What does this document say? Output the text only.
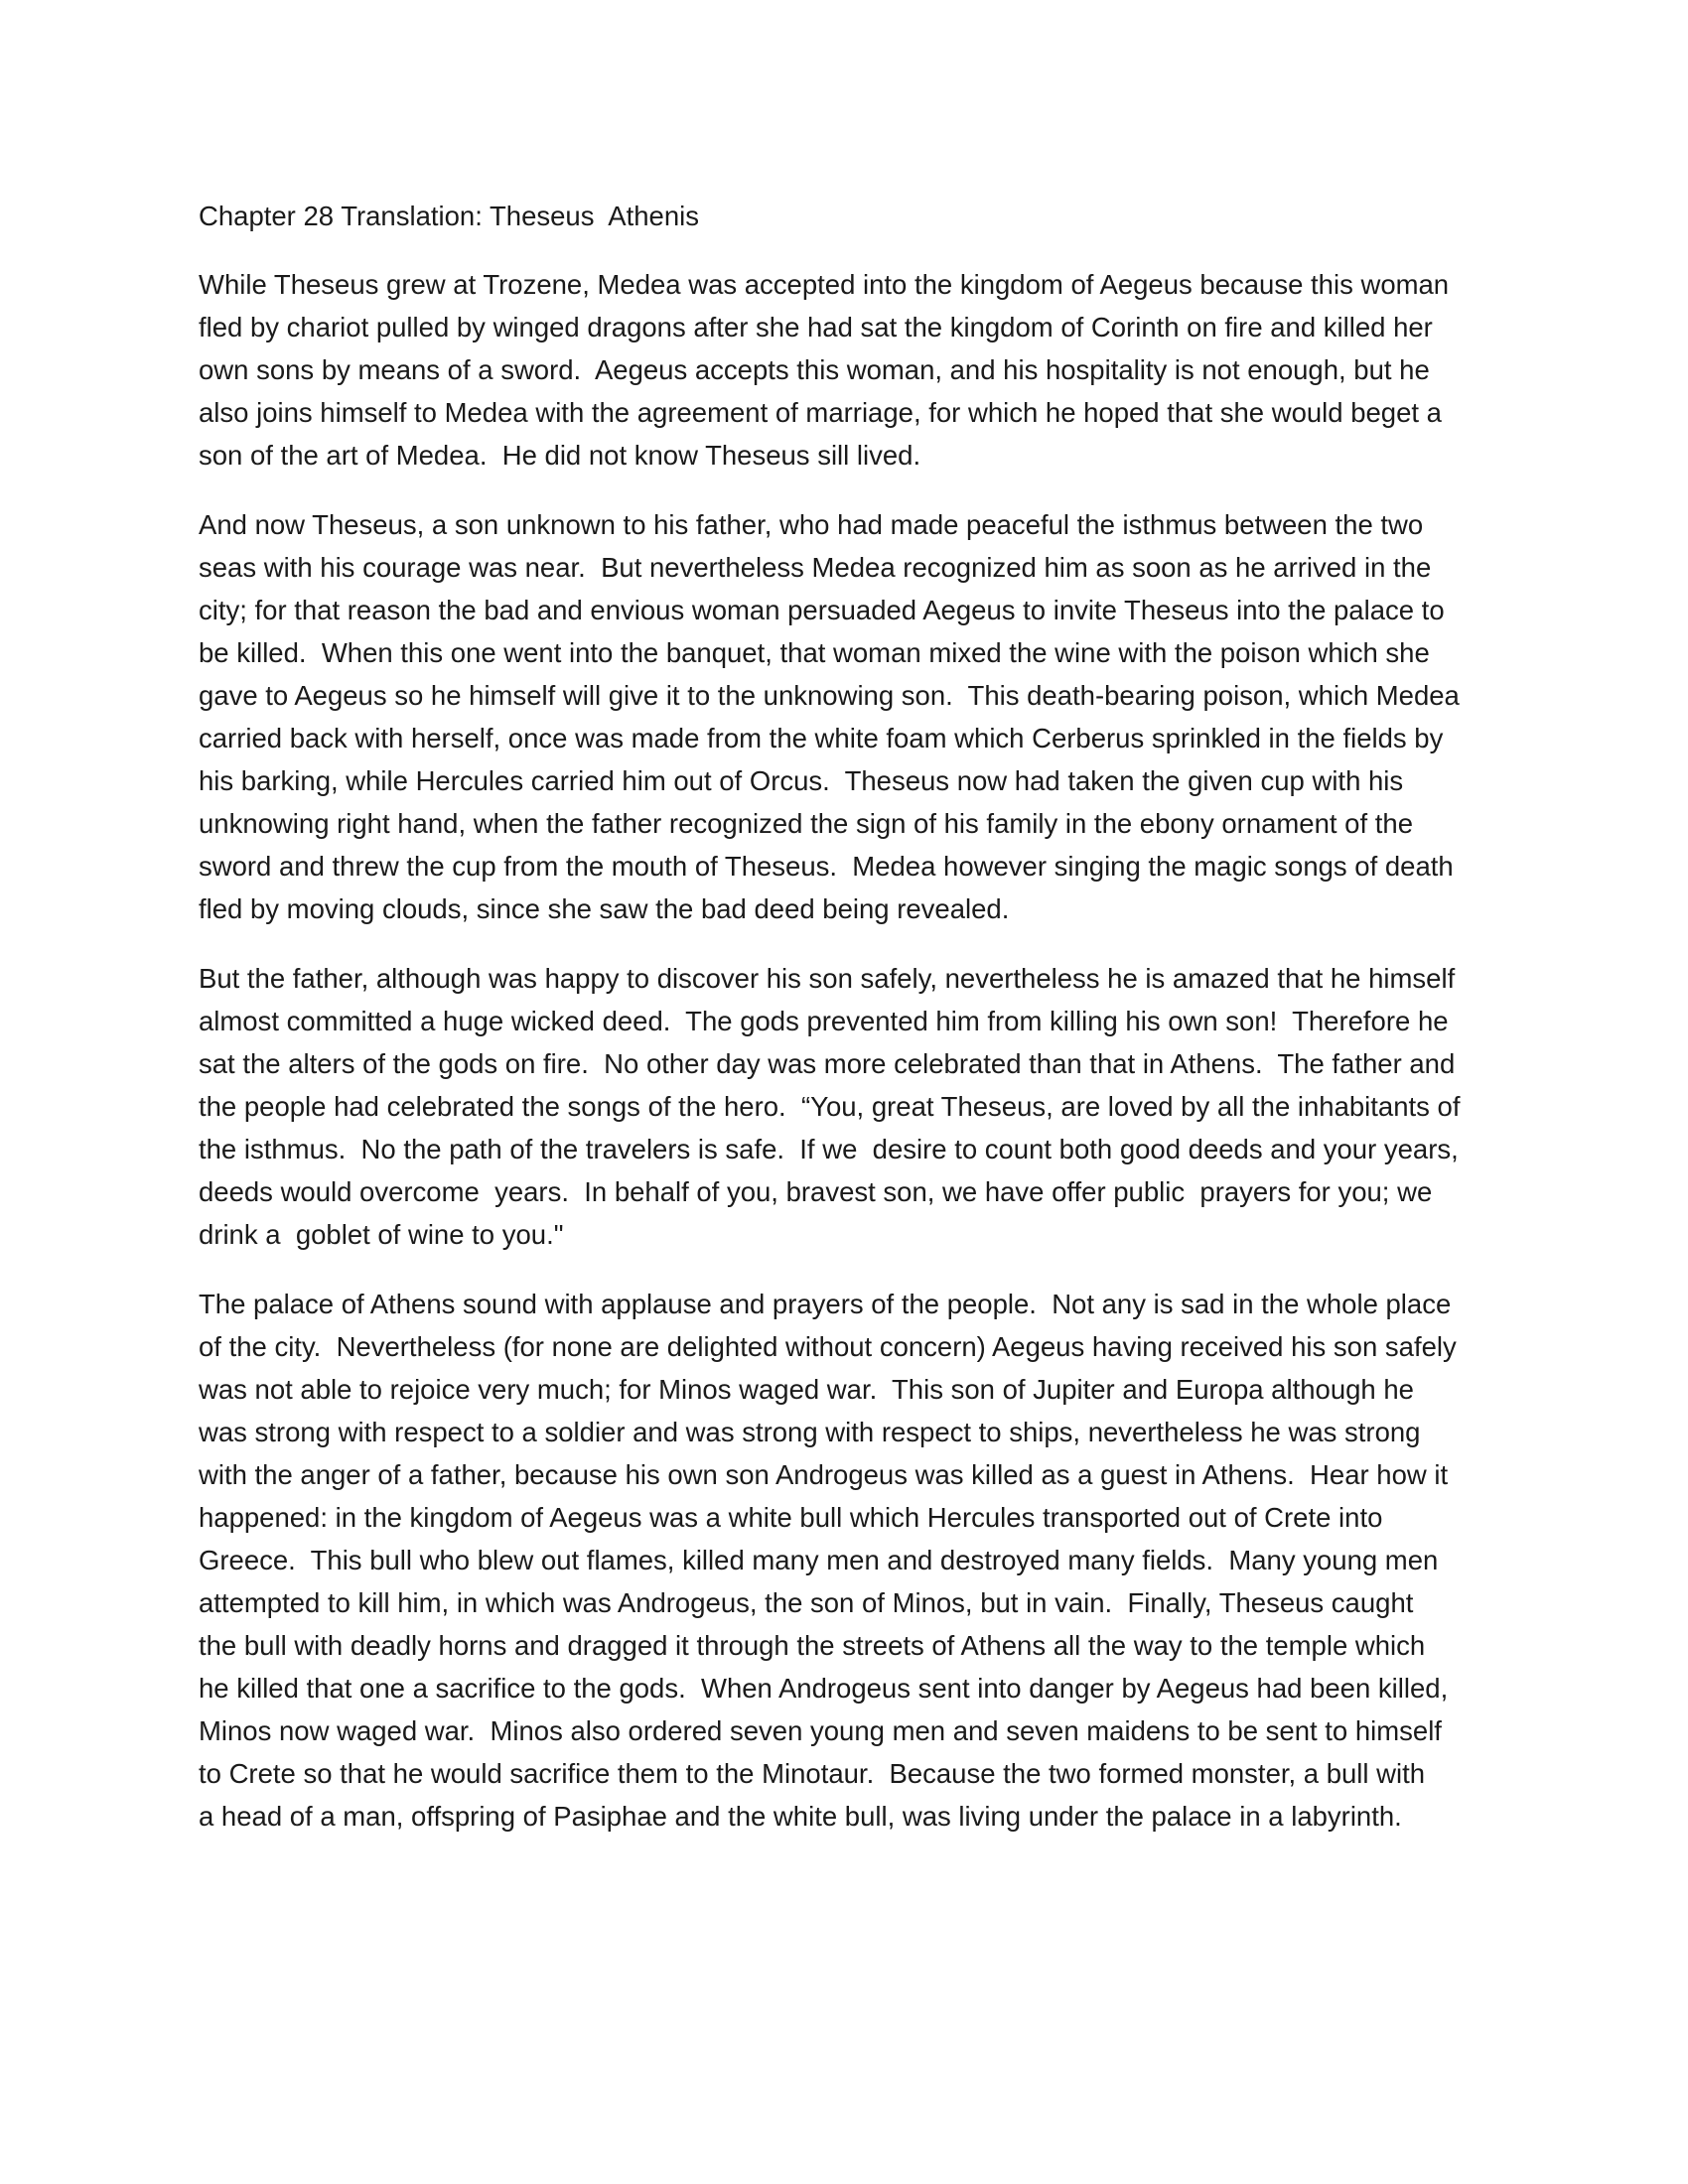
Chapter 28 Translation: Theseus  Athenis
While Theseus grew at Trozene, Medea was accepted into the kingdom of Aegeus because this woman
fled by chariot pulled by winged dragons after she had sat the kingdom of Corinth on fire and killed her
own sons by means of a sword.  Aegeus accepts this woman, and his hospitality is not enough, but he
also joins himself to Medea with the agreement of marriage, for which he hoped that she would beget a
son of the art of Medea.  He did not know Theseus sill lived.
And now Theseus, a son unknown to his father, who had made peaceful the isthmus between the two
seas with his courage was near.  But nevertheless Medea recognized him as soon as he arrived in the
city; for that reason the bad and envious woman persuaded Aegeus to invite Theseus into the palace to
be killed.  When this one went into the banquet, that woman mixed the wine with the poison which she
gave to Aegeus so he himself will give it to the unknowing son.  This death-bearing poison, which Medea
carried back with herself, once was made from the white foam which Cerberus sprinkled in the fields by
his barking, while Hercules carried him out of Orcus.  Theseus now had taken the given cup with his
unknowing right hand, when the father recognized the sign of his family in the ebony ornament of the
sword and threw the cup from the mouth of Theseus.  Medea however singing the magic songs of death
fled by moving clouds, since she saw the bad deed being revealed.
But the father, although was happy to discover his son safely, nevertheless he is amazed that he himself
almost committed a huge wicked deed.  The gods prevented him from killing his own son!  Therefore he
sat the alters of the gods on fire.  No other day was more celebrated than that in Athens.  The father and
the people had celebrated the songs of the hero.  “You, great Theseus, are loved by all the inhabitants of
the isthmus.  No the path of the travelers is safe.  If we  desire to count both good deeds and your years,
deeds would overcome  years.  In behalf of you, bravest son, we have offer public  prayers for you; we
drink a  goblet of wine to you."
The palace of Athens sound with applause and prayers of the people.  Not any is sad in the whole place
of the city.  Nevertheless (for none are delighted without concern) Aegeus having received his son safely
was not able to rejoice very much; for Minos waged war.  This son of Jupiter and Europa although he
was strong with respect to a soldier and was strong with respect to ships, nevertheless he was strong
with the anger of a father, because his own son Androgeus was killed as a guest in Athens.  Hear how it
happened: in the kingdom of Aegeus was a white bull which Hercules transported out of Crete into
Greece.  This bull who blew out flames, killed many men and destroyed many fields.  Many young men
attempted to kill him, in which was Androgeus, the son of Minos, but in vain.  Finally, Theseus caught
the bull with deadly horns and dragged it through the streets of Athens all the way to the temple which
he killed that one a sacrifice to the gods.  When Androgeus sent into danger by Aegeus had been killed,
Minos now waged war.  Minos also ordered seven young men and seven maidens to be sent to himself
to Crete so that he would sacrifice them to the Minotaur.  Because the two formed monster, a bull with
a head of a man, offspring of Pasiphae and the white bull, was living under the palace in a labyrinth.
